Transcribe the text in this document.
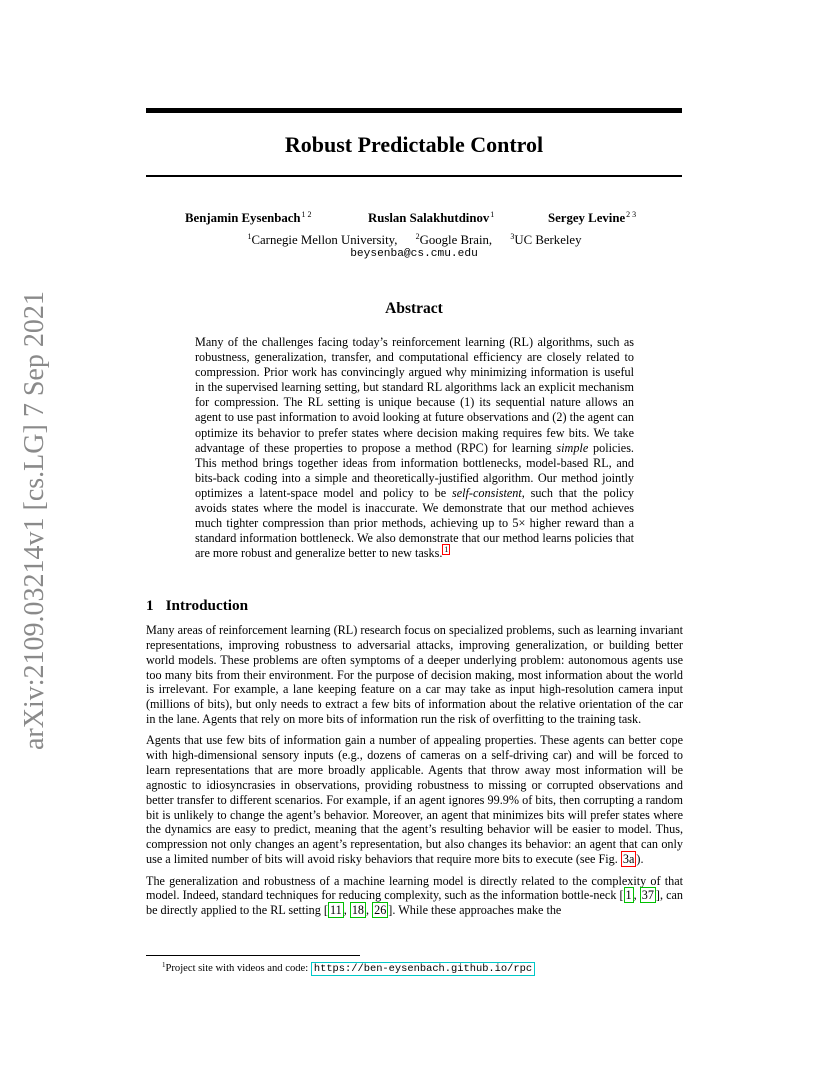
arXiv:2109.03214v1 [cs.LG] 7 Sep 2021
Robust Predictable Control
Benjamin Eysenbach$^{1 2}$	Ruslan Salakhutdinov$^1$	Sergey Levine$^{2 3}$
$^1$Carnegie Mellon University, $^2$Google Brain, $^3$UC Berkeley
beysenba@cs.cmu.edu
Abstract

Many of the challenges facing today’s reinforcement learning (RL) algorithms, such as robustness, generalization, transfer, and computational efficiency are closely related to compression. Prior work has convincingly argued why minimizing information is useful in the supervised learning setting, but standard RL algorithms lack an explicit mechanism for compression. The RL setting is unique because (1) its sequential nature allows an agent to use past information to avoid looking at future observations and (2) the agent can optimize its behavior to prefer states where decision making requires few bits. We take advantage of these properties to propose a method (RPC) for learning simple policies. This method brings together ideas from information bottlenecks, model-based RL, and bits-back coding into a simple and theoretically-justified algorithm. Our method jointly optimizes a latent-space model and policy to be self-consistent, such that the policy avoids states where the model is inaccurate. We demonstrate that our method achieves much tighter compression than prior methods, achieving up to 5× higher reward than a standard information bottleneck. We also demonstrate that our method learns policies that are more robust and generalize better to new tasks. $^1$

1 Introduction

Many areas of reinforcement learning (RL) research focus on specialized problems, such as learning invariant representations, improving robustness to adversarial attacks, improving generalization, or building better world models. These problems are often symptoms of a deeper underlying problem: autonomous agents use too many bits from their environment. For the purpose of decision making, most information about the world is irrelevant. For example, a lane keeping feature on a car may take as input high-resolution camera input (millions of bits), but only needs to extract a few bits of information about the relative orientation of the car in the lane. Agents that rely on more bits of information run the risk of overfitting to the training task.

Agents that use few bits of information gain a number of appealing properties. These agents can better cope with high-dimensional sensory inputs (e.g., dozens of cameras on a self-driving car) and will be forced to learn representations that are more broadly applicable. Agents that throw away most information will be agnostic to idiosyncrasies in observations, providing robustness to missing or corrupted observations and better transfer to different scenarios. For example, if an agent ignores 99.9% of bits, then corrupting a random bit is unlikely to change the agent’s behavior. Moreover, an agent that minimizes bits will prefer states where the dynamics are easy to predict, meaning that the agent’s resulting behavior will be easier to model. Thus, compression not only changes an agent’s representation, but also changes its behavior: an agent that can only use a limited number of bits will avoid risky behaviors that require more bits to execute (see Fig. 3a ).

The generalization and robustness of a machine learning model is directly related to the complexity of that model. Indeed, standard techniques for reducing complexity, such as the information bottle-neck [ 1 , 37 ], can be directly applied to the RL setting [ 11 , 18 , 26 ]. While these approaches make the

$^1$Project site with videos and code: https://ben-eysenbach.github.io/rpc
